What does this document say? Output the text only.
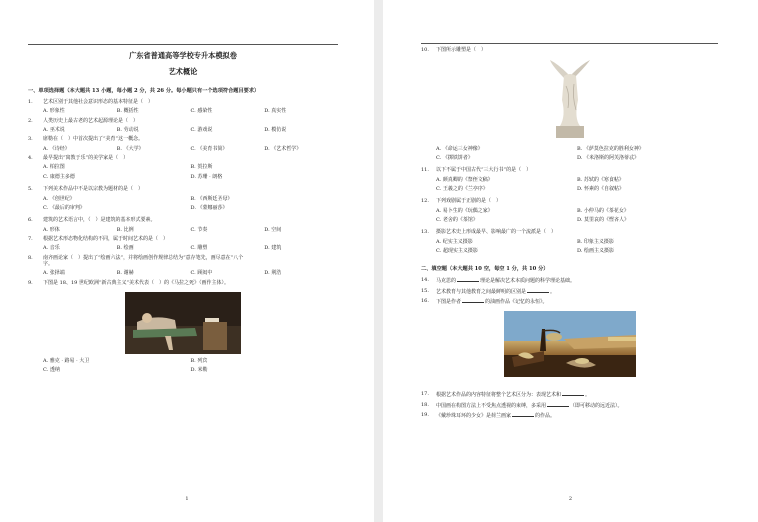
广东省普通高等学校专升本模拟卷
艺术概论
一、单项选择题（本大题共 13 小题，每小题 2 分，共 26 分。每小题只有一个选项符合题目要求）
1.	艺术区别于其他社会意识形态的基本特征是（　）
A. 形象性	B. 概括性	C. 感染性	D. 真实性
2.	人类历史上最古老的艺术起源理论是（　）
A. 巫术说	B. 劳动说	C. 游戏说	D. 模仿说
3.	席勒在（　）中首次提出了“美育”这一概念。
A. 《诗经》	B. 《大学》	C. 《美育书简》	D. 《艺术哲学》
4.	最早提出“寓教于乐”的美学家是（　）
A. 柏拉图	B. 贺拉斯
C. 康德主多德	D. 苏珊 · 朗格
5.	下列美术作品中不是以宗教为题材的是（　）
A. 《创世纪》	B. 《西斯廷圣母》
C. 《最后的审判》	D. 《蒙娜丽莎》
6.	建筑的艺术语言中，（　）是建筑的基本形式要素。
A. 形体	B. 比例	C. 节奏	D. 空间
7.	根据艺术形态物化结构的不同，属于时间艺术的是（　）
A. 音乐	B. 绘画	C. 雕塑	D. 建筑
8.	南齐画论家（　）提出了“绘画六法”，并将绘画创作规律总结为“意存笔先，画尽意在”八个
字。
A. 张择端	B. 谢赫	C. 顾闳中	D. 荆浩
9.	下图是 18、19 世纪欧洲“新古典主义”美术代表（　）的《马拉之死》（画作主体）。
A. 雅克 · 路易 · 大卫	B. 列宾
C. 透纳	D. 米勒
1
10.	下图所示雕塑是（　）
A. 《命运三女神像》	B. 《萨莫色拉克的胜利女神》
C. 《掷铁饼者》	D. 《米洛斯的阿芙洛蒂忒》
11.	以下不属于中国古代“三大行书”的是（　）
A. 颜真卿的《祭侄文稿》	B. 苏轼的《寒食帖》
C. 王羲之的《兰亭序》	D. 怀素的《自叙帖》
12.	下列戏剧属于正剧的是（　）
A. 易卜生的《玩偶之家》	B. 小仲马的《茶花女》
C. 老舍的《茶馆》	D. 莫里哀的《悭吝人》
13.	摄影艺术史上形成最早、影响最广的一个流派是（　）
A. 纪实主义摄影	B. 印象主义摄影
C. 超现实主义摄影	D. 绘画主义摄影
二、填空题（本大题共 10 空，每空 1 分，共 10 分）
14.	马克思的	理论是解决艺术本质问题的科学理论基础。
15.	艺术教育与其他教育之间最鲜明的区别是	。
16.	下图是作者	的油画作品《记忆的永恒》。
17.	根据艺术作品的内容特征将整个艺术区分为：表现艺术和	。
18.	中国画在构图方法上不受焦点透视的束缚，多采用	（即可移动的远近法）。
19.	《戴珍珠耳环的少女》是荷兰画家	的作品。
2
